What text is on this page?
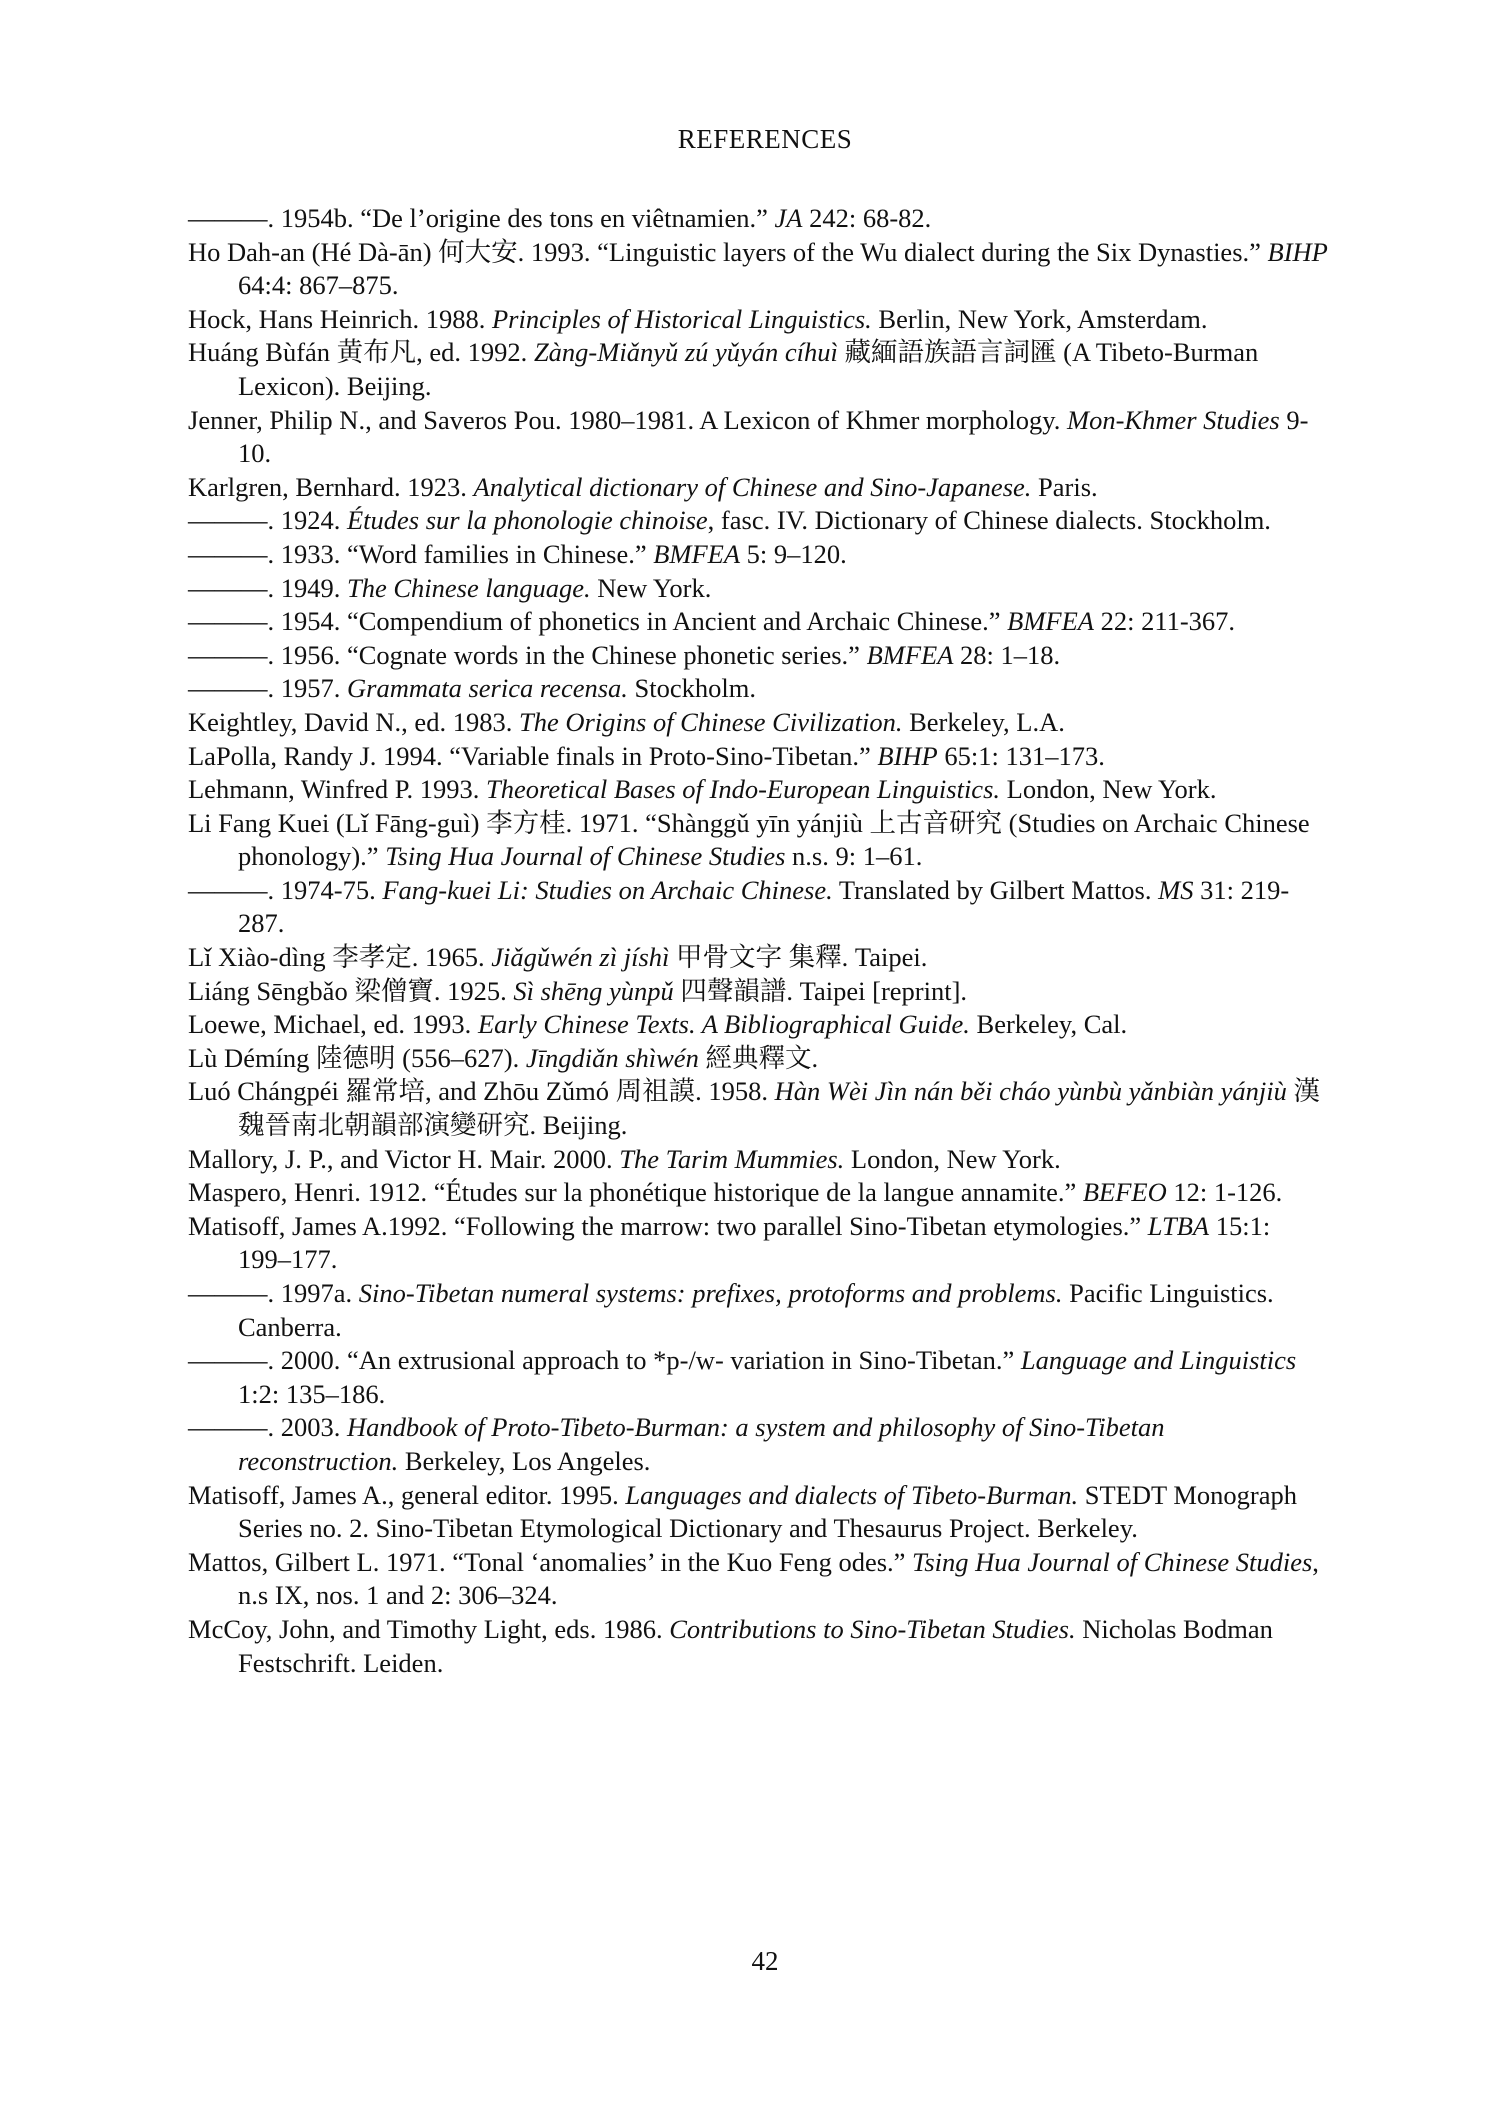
REFERENCES

———. 1954b. “De l’origine des tons en viêtnamien.” JA 242: 68-82.

Ho Dah-an (Hé Dà-ān) 何大安. 1993. “Linguistic layers of the Wu dialect during the Six Dynasties.” BIHP 64:4: 867–875.

Hock, Hans Heinrich. 1988. Principles of Historical Linguistics. Berlin, New York, Amsterdam.

Huáng Bùfán 黄布凡, ed. 1992. Zàng-Miǎnyǔ zú yǔyán cíhuì 藏緬語族語言詞匯 (A Tibeto-Burman Lexicon). Beijing.

Jenner, Philip N., and Saveros Pou. 1980–1981. A Lexicon of Khmer morphology. Mon-Khmer Studies 9-10.

Karlgren, Bernhard. 1923. Analytical dictionary of Chinese and Sino-Japanese. Paris.

———. 1924. Études sur la phonologie chinoise, fasc. IV. Dictionary of Chinese dialects. Stockholm.

———. 1933. “Word families in Chinese.” BMFEA 5: 9–120.

———. 1949. The Chinese language. New York.

———. 1954. “Compendium of phonetics in Ancient and Archaic Chinese.” BMFEA 22: 211-367.

———. 1956. “Cognate words in the Chinese phonetic series.” BMFEA 28: 1–18.

———. 1957. Grammata serica recensa. Stockholm.

Keightley, David N., ed. 1983. The Origins of Chinese Civilization. Berkeley, L.A.

LaPolla, Randy J. 1994. “Variable finals in Proto-Sino-Tibetan.” BIHP 65:1: 131–173.

Lehmann, Winfred P. 1993. Theoretical Bases of Indo-European Linguistics. London, New York.

Li Fang Kuei (Lǐ Fāng-guì) 李方桂. 1971. “Shànggǔ yīn yánjiù 上古音研究 (Studies on Archaic Chinese phonology).” Tsing Hua Journal of Chinese Studies n.s. 9: 1–61.

———. 1974-75. Fang-kuei Li: Studies on Archaic Chinese. Translated by Gilbert Mattos. MS 31: 219-287.

Lǐ Xiào-dìng 李孝定. 1965. Jiǎgǔwén zì jíshì 甲骨文字 集釋. Taipei.

Liáng Sēngbǎo 梁僧寶. 1925. Sì shēng yùnpǔ 四聲韻譜. Taipei [reprint].

Loewe, Michael, ed. 1993. Early Chinese Texts. A Bibliographical Guide. Berkeley, Cal.

Lù Démíng 陸德明 (556–627). Jīngdiǎn shìwén 經典釋文.

Luó Chángpéi 羅常培, and Zhōu Zǔmó 周祖謨. 1958. Hàn Wèi Jìn nán běi cháo yùnbù yǎnbiàn yánjiù 漢魏晉南北朝韻部演變研究. Beijing.

Mallory, J. P., and Victor H. Mair. 2000. The Tarim Mummies. London, New York.

Maspero, Henri. 1912. “Études sur la phonétique historique de la langue annamite.” BEFEO 12: 1-126.

Matisoff, James A.1992. “Following the marrow: two parallel Sino-Tibetan etymologies.” LTBA 15:1: 199–177.

———. 1997a. Sino-Tibetan numeral systems: prefixes, protoforms and problems. Pacific Linguistics. Canberra.

———. 2000. “An extrusional approach to *p-/w- variation in Sino-Tibetan.” Language and Linguistics 1:2: 135–186.

———. 2003. Handbook of Proto-Tibeto-Burman: a system and philosophy of Sino-Tibetan reconstruction. Berkeley, Los Angeles.

Matisoff, James A., general editor. 1995. Languages and dialects of Tibeto-Burman. STEDT Monograph Series no. 2. Sino-Tibetan Etymological Dictionary and Thesaurus Project. Berkeley.

Mattos, Gilbert L. 1971. “Tonal ‘anomalies’ in the Kuo Feng odes.” Tsing Hua Journal of Chinese Studies, n.s IX, nos. 1 and 2: 306–324.

McCoy, John, and Timothy Light, eds. 1986. Contributions to Sino-Tibetan Studies. Nicholas Bodman Festschrift. Leiden.

42
